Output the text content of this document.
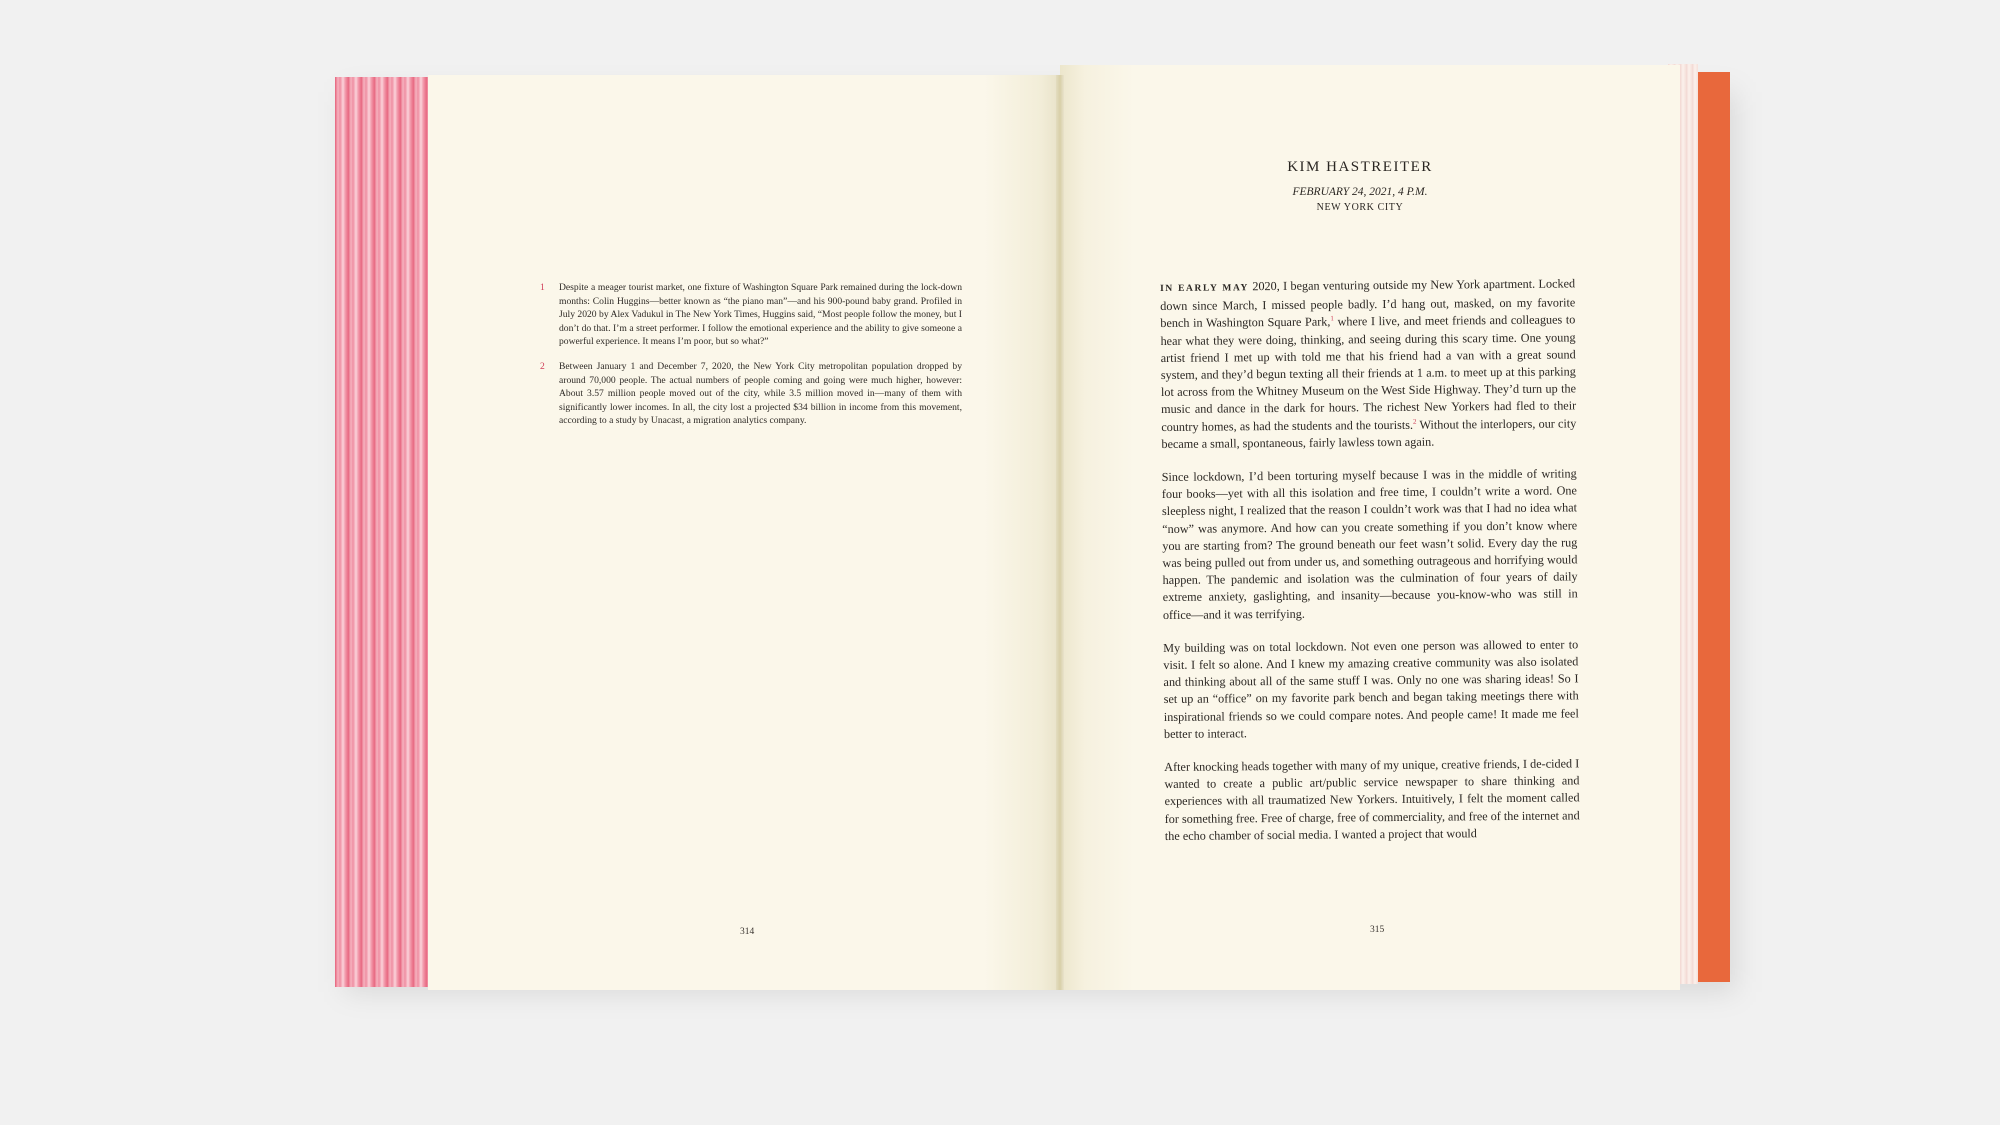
1 Despite a meager tourist market, one fixture of Washington Square Park remained during the lock-down months: Colin Huggins—better known as “the piano man”—and his 900-pound baby grand. Profiled in July 2020 by Alex Vadukul in The New York Times, Huggins said, “Most people follow the money, but I don’t do that. I’m a street performer. I follow the emotional experience and the ability to give someone a powerful experience. It means I’m poor, but so what?”
2 Between January 1 and December 7, 2020, the New York City metropolitan population dropped by around 70,000 people. The actual numbers of people coming and going were much higher, however: About 3.57 million people moved out of the city, while 3.5 million moved in—many of them with significantly lower incomes. In all, the city lost a projected $34 billion in income from this movement, according to a study by Unacast, a migration analytics company.
314
KIM HASTREITER
FEBRUARY 24, 2021, 4 P.M.
NEW YORK CITY

IN EARLY MAY 2020, I began venturing outside my New York apartment. Locked down since March, I missed people badly. I’d hang out, masked, on my favorite bench in Washington Square Park,$^1$ where I live, and meet friends and colleagues to hear what they were doing, thinking, and seeing during this scary time. One young artist friend I met up with told me that his friend had a van with a great sound system, and they’d begun texting all their friends at 1 a.m. to meet up at this parking lot across from the Whitney Museum on the West Side Highway. They’d turn up the music and dance in the dark for hours. The richest New Yorkers had fled to their country homes, as had the students and the tourists.$^2$ Without the interlopers, our city became a small, spontaneous, fairly lawless town again.

Since lockdown, I’d been torturing myself because I was in the middle of writing four books—yet with all this isolation and free time, I couldn’t write a word. One sleepless night, I realized that the reason I couldn’t work was that I had no idea what “now” was anymore. And how can you create something if you don’t know where you are starting from? The ground beneath our feet wasn’t solid. Every day the rug was being pulled out from under us, and something outrageous and horrifying would happen. The pandemic and isolation was the culmination of four years of daily extreme anxiety, gaslighting, and insanity—because you-know-who was still in office—and it was terrifying.

My building was on total lockdown. Not even one person was allowed to enter to visit. I felt so alone. And I knew my amazing creative community was also isolated and thinking about all of the same stuff I was. Only no one was sharing ideas! So I set up an “office” on my favorite park bench and began taking meetings there with inspirational friends so we could compare notes. And people came! It made me feel better to interact.

After knocking heads together with many of my unique, creative friends, I de-cided I wanted to create a public art/public service newspaper to share thinking and experiences with all traumatized New Yorkers. Intuitively, I felt the moment called for something free. Free of charge, free of commerciality, and free of the internet and the echo chamber of social media. I wanted a project that would

315
